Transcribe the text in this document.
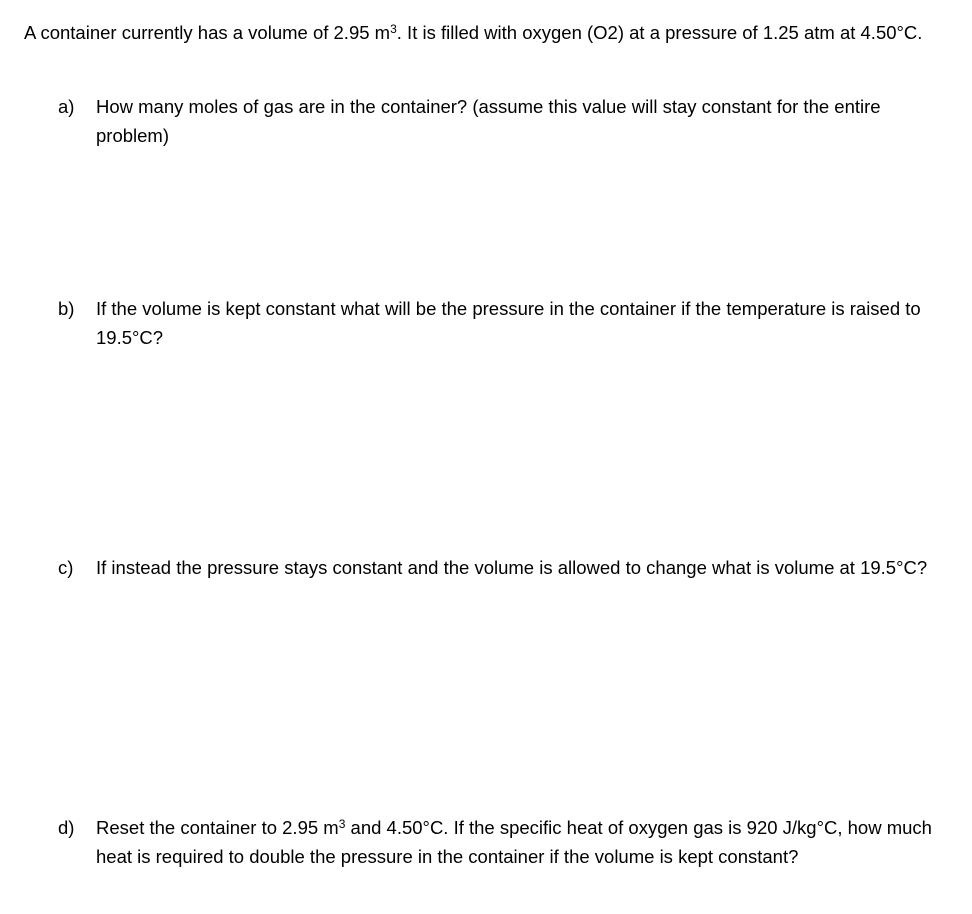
A container currently has a volume of 2.95 $m^3$. It is filled with oxygen (O2) at a pressure of 1.25 atm at 4.50°C.
a)	How many moles of gas are in the container? (assume this value will stay constant for the entire problem)
b)	If the volume is kept constant what will be the pressure in the container if the temperature is raised to 19.5°C?
c)	If instead the pressure stays constant and the volume is allowed to change what is volume at 19.5°C?
d)	Reset the container to 2.95 $m^3$ and 4.50°C. If the specific heat of oxygen gas is 920 J/kg°C, how much heat is required to double the pressure in the container if the volume is kept constant?
